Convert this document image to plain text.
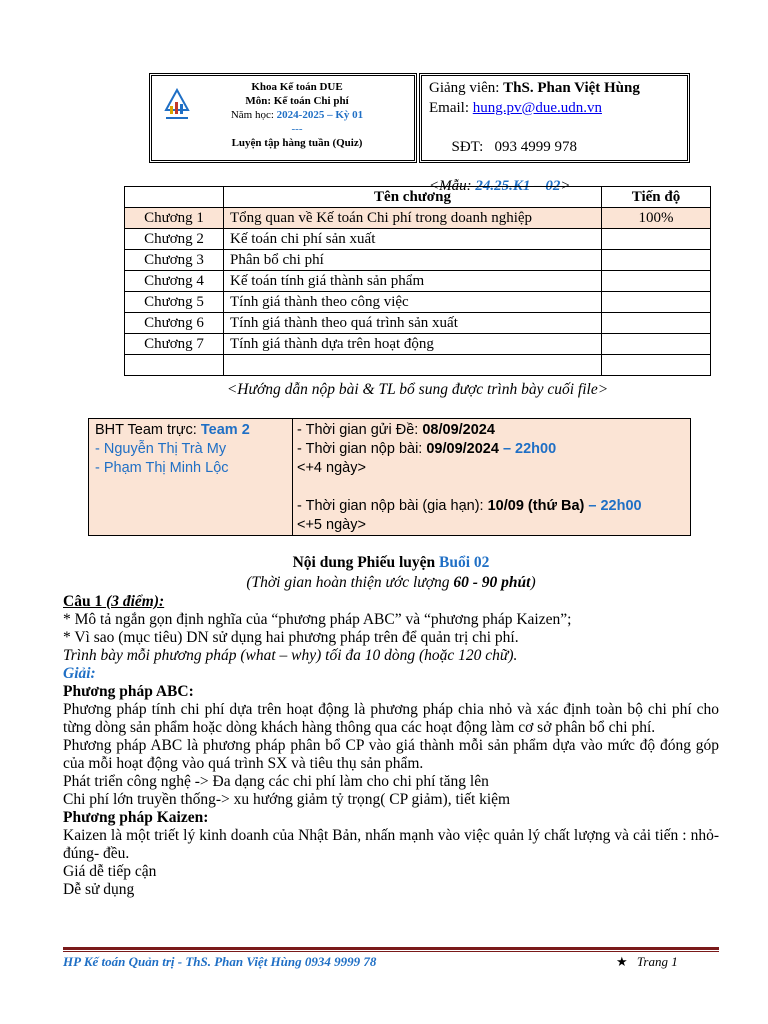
Khoa Kế toán DUE
Môn: Kế toán Chi phí
Năm học: 2024-2025 – Kỳ 01
---
Luyện tập hàng tuần (Quiz)
Giảng viên: ThS. Phan Việt Hùng
Email: hung.pv@due.udn.vn

SĐT:   093 4999 978

<Mẫu: 24.25.K1 – 02>
	Tên chương	Tiến độ
Chương 1	Tổng quan về Kế toán Chi phí trong doanh nghiệp	100%
Chương 2	Kế toán chi phí sản xuất	
Chương 3	Phân bổ chi phí	
Chương 4	Kế toán tính giá thành sản phẩm	
Chương 5	Tính giá thành theo công việc	
Chương 6	Tính giá thành theo quá trình sản xuất	
Chương 7	Tính giá thành dựa trên hoạt động	

<Hướng dẫn nộp bài & TL bổ sung được trình bày cuối file>
BHT Team trực: Team 2
- Nguyễn Thị Trà My
- Phạm Thị Minh Lộc
- Thời gian gửi Đề: 08/09/2024
- Thời gian nộp bài: 09/09/2024 – 22h00
<+4 ngày>
- Thời gian nộp bài (gia hạn): 10/09 (thứ Ba) – 22h00
<+5 ngày>
Nội dung Phiếu luyện Buổi 02
(Thời gian hoàn thiện ước lượng 60 - 90 phút)
Câu 1 (3 điểm):
* Mô tả ngắn gọn định nghĩa của “phương pháp ABC” và “phương pháp Kaizen”;
* Vì sao (mục tiêu) DN sử dụng hai phương pháp trên để quản trị chi phí.
Trình bày mỗi phương pháp (what – why) tối đa 10 dòng (hoặc 120 chữ).
Giải:
Phương pháp ABC:
Phương pháp tính chi phí dựa trên hoạt động là phương pháp chia nhỏ và xác định toàn bộ chi phí cho từng dòng sản phẩm hoặc dòng khách hàng thông qua các hoạt động làm cơ sở phân bổ chi phí.
Phương pháp ABC là phương pháp phân bổ CP vào giá thành mỗi sản phẩm dựa vào mức độ đóng góp của mỗi hoạt động vào quá trình SX và tiêu thụ sản phẩm.
Phát triển công nghệ -> Đa dạng các chi phí làm cho chi phí tăng lên
Chi phí lớn truyền thống-> xu hướng giảm tỷ trọng( CP giảm), tiết kiệm
Phương pháp Kaizen:
Kaizen là một triết lý kinh doanh của Nhật Bản, nhấn mạnh vào việc quản lý chất lượng và cải tiến : nhỏ- đúng- đều.
Giá dễ tiếp cận
Dễ sử dụng
HP Kế toán Quản trị - ThS. Phan Việt Hùng 0934 9999 78	★ Trang 1
